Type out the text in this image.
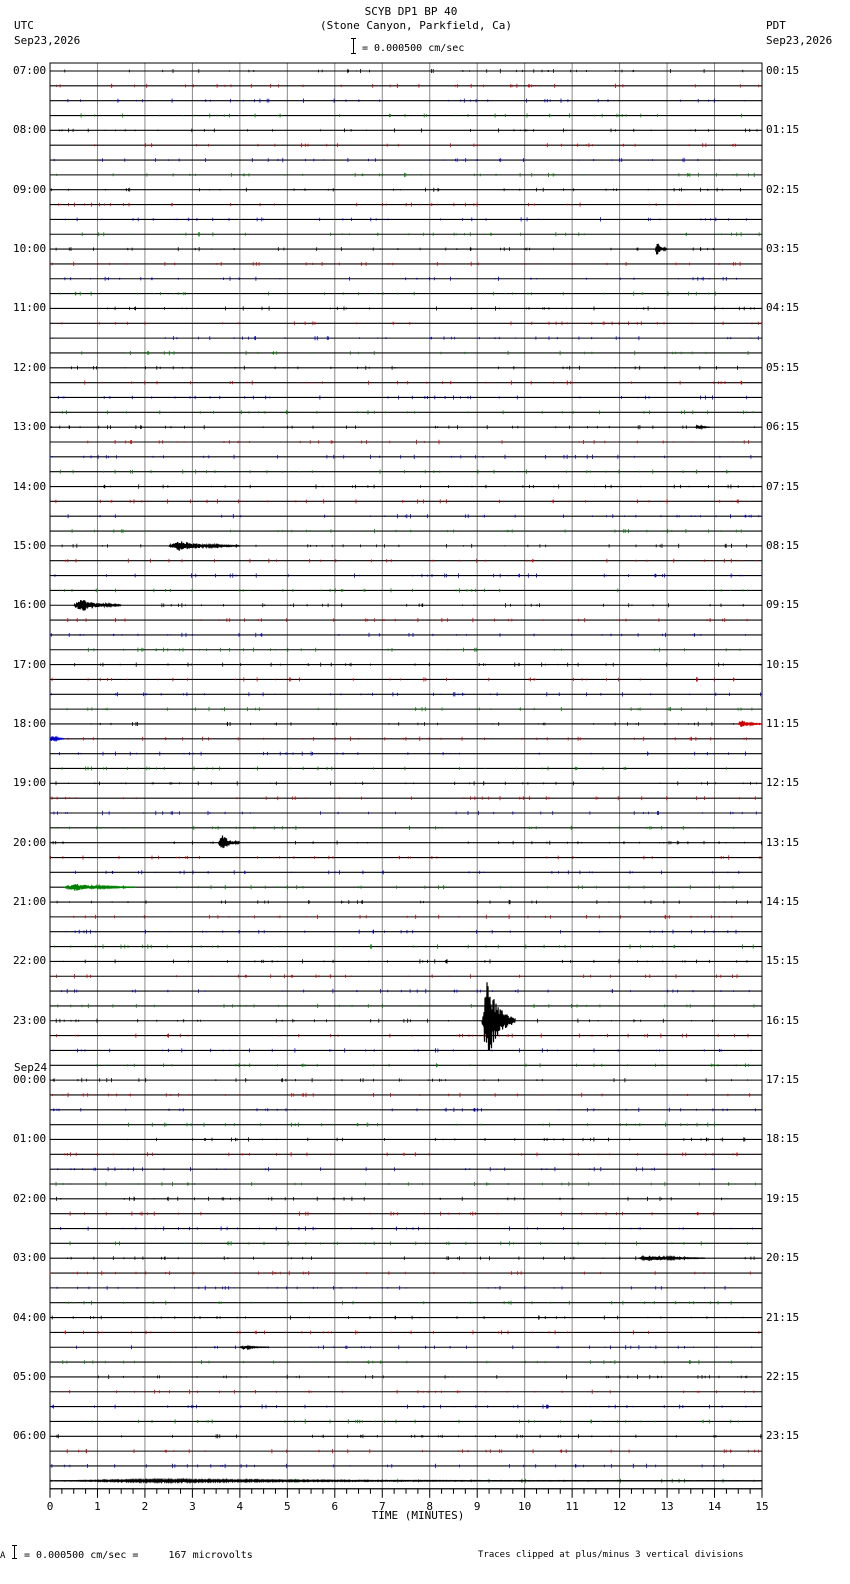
SCYB DP1 BP 40
(Stone Canyon, Parkfield, Ca)
UTC
Sep23,2026
PDT
Sep23,2026
= 0.000500 cm/sec
07:00
08:00
09:00
10:00
11:00
12:00
13:00
14:00
15:00
16:00
17:00
18:00
19:00
20:00
21:00
22:00
23:00
00:00
01:00
02:00
03:00
04:00
05:00
06:00
00:15
01:15
02:15
03:15
04:15
05:15
06:15
07:15
08:15
09:15
10:15
11:15
12:15
13:15
14:15
15:15
16:15
17:15
18:15
19:15
20:15
21:15
22:15
23:15
Sep24
0	1	2	3	4	5	6	7	8	9	10	11	12	13	14	15
TIME (MINUTES)
A = 0.000500 cm/sec =     167 microvolts	Traces clipped at plus/minus 3 vertical divisions
